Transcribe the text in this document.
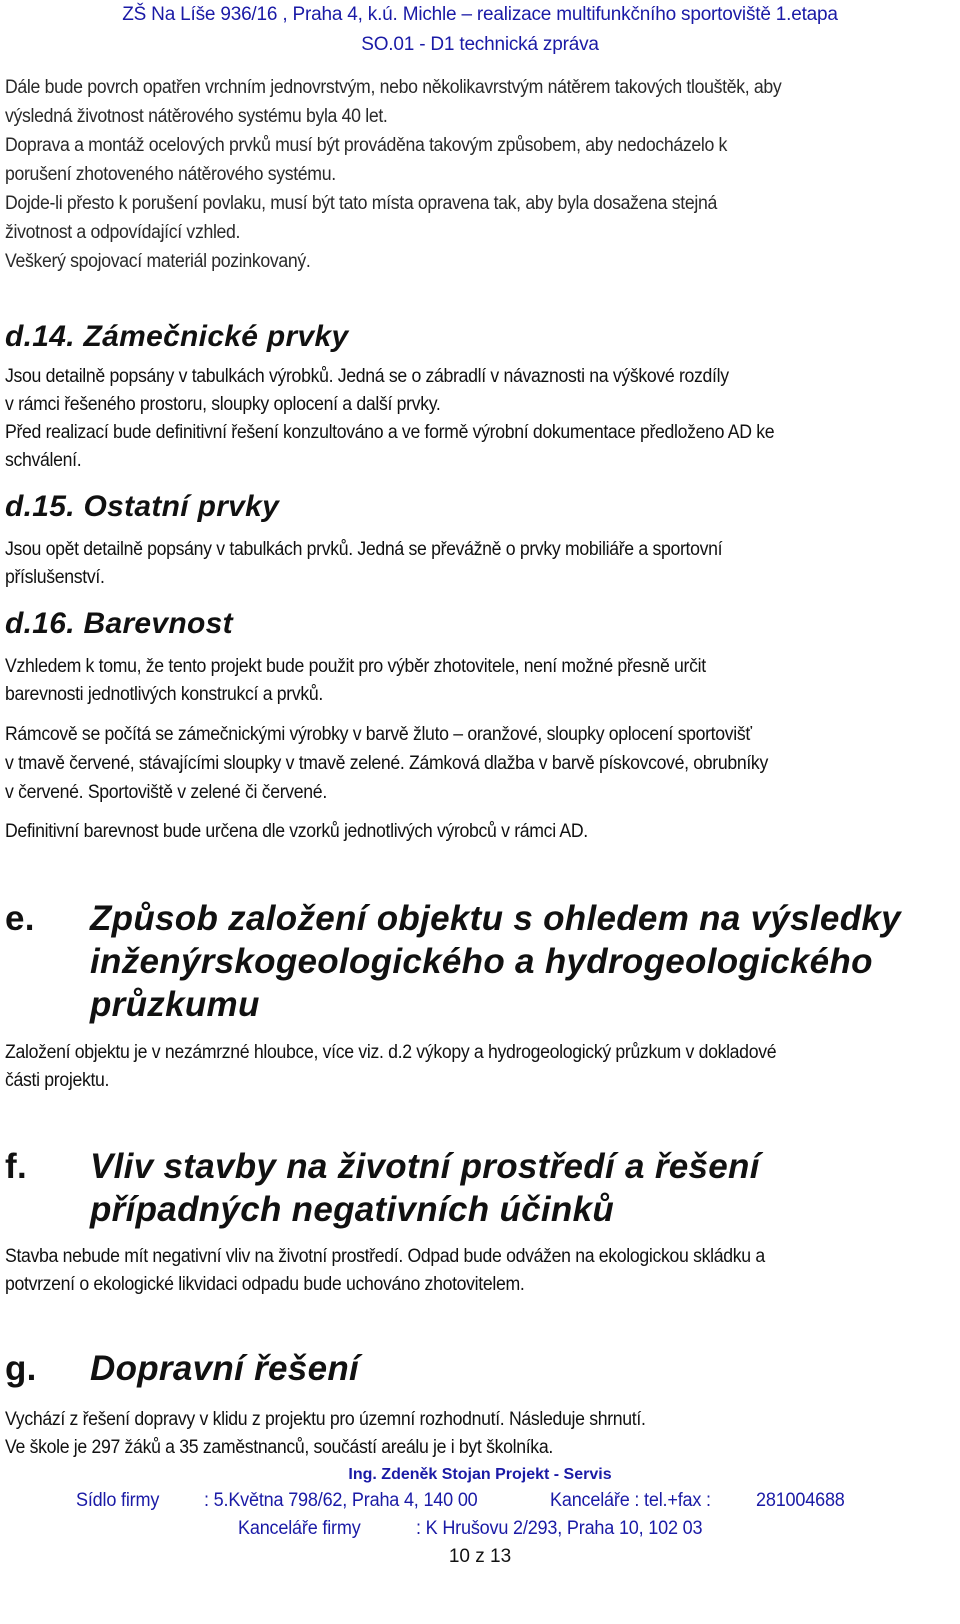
ZŠ Na Líše 936/16 , Praha 4, k.ú. Michle – realizace multifunkčního sportoviště 1.etapa
SO.01 - D1 technická zpráva

Dále bude povrch opatřen vrchním jednovrstvým, nebo několikavrstvým nátěrem takových tlouštěk, aby

výsledná životnost nátěrového systému byla 40 let.

Doprava a montáž ocelových prvků musí být prováděna takovým způsobem, aby nedocházelo k

porušení zhotoveného nátěrového systému.

Dojde-li přesto k porušení povlaku, musí být tato místa opravena tak, aby byla dosažena stejná

životnost a odpovídající vzhled.

Veškerý spojovací materiál pozinkovaný.

d.14. Zámečnické prvky

Jsou detailně popsány v tabulkách výrobků. Jedná se o zábradlí v návaznosti na výškové rozdíly

v rámci řešeného prostoru, sloupky oplocení a další prvky.

Před realizací bude definitivní řešení konzultováno a ve formě výrobní dokumentace předloženo AD ke

schválení.

d.15. Ostatní prvky

Jsou opět detailně popsány v tabulkách prvků. Jedná se převážně o prvky mobiliáře a sportovní

příslušenství.

d.16. Barevnost

Vzhledem k tomu, že tento projekt bude použit pro výběr zhotovitele, není možné přesně určit

barevnosti jednotlivých konstrukcí a prvků.

Rámcově se počítá se zámečnickými výrobky v barvě žluto – oranžové, sloupky oplocení sportovišť

v tmavě červené, stávajícími sloupky v tmavě zelené. Zámková dlažba v barvě pískovcové, obrubníky

v červené. Sportoviště v zelené či červené.

Definitivní barevnost bude určena dle vzorků jednotlivých výrobců v rámci AD.

e. Způsob založení objektu s ohledem na výsledky
inženýrskogeologického a hydrogeologického
průzkumu

Založení objektu je v nezámrzné hloubce, více viz. d.2 výkopy a hydrogeologický průzkum v dokladové

části projektu.

f. Vliv stavby na životní prostředí a řešení
případných negativních účinků

Stavba nebude mít negativní vliv na životní prostředí. Odpad bude odvážen na ekologickou skládku a

potvrzení o ekologické likvidaci odpadu bude uchováno zhotovitelem.

g. Dopravní řešení

Vychází z řešení dopravy v klidu z projektu pro územní rozhodnutí. Následuje shrnutí.

Ve škole je 297 žáků a 35 zaměstnanců, součástí areálu je i byt školníka.

Ing. Zdeněk Stojan Projekt - Servis
Sídlo firmy : 5.Května 798/62, Praha 4, 140 00	Kanceláře : tel.+fax : 281004688
Kanceláře firmy	: K Hrušovu 2/293, Praha 10, 102 03
10 z 13
